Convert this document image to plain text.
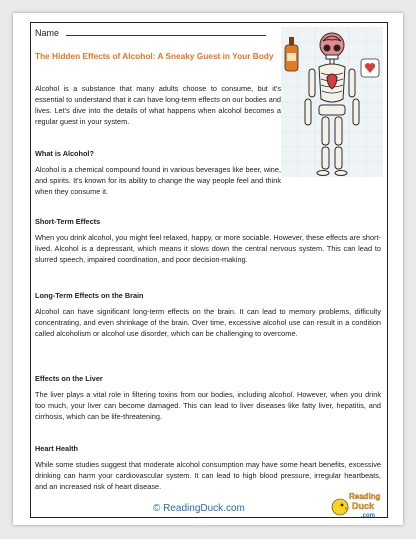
Name
The Hidden Effects of Alcohol: A Sneaky Guest in Your Body

Alcohol is a substance that many adults choose to consume, but it's essential to understand that it can have long-term effects on our bodies and lives. Let's dive into the details of what happens when alcohol becomes a regular guest in your system.

What is Alcohol?

Alcohol is a chemical compound found in various beverages like beer, wine, and spirits. It's known for its ability to change the way people feel and think when they consume it.

Short-Term Effects

When you drink alcohol, you might feel relaxed, happy, or more sociable. However, these effects are short-lived. Alcohol is a depressant, which means it slows down the central nervous system. This can lead to slurred speech, impaired coordination, and poor decision-making.

Long-Term Effects on the Brain

Alcohol can have significant long-term effects on the brain. It can lead to memory problems, difficulty concentrating, and even shrinkage of the brain. Over time, excessive alcohol use can result in a condition called alcoholism or alcohol use disorder, which can be challenging to overcome.

Effects on the Liver

The liver plays a vital role in filtering toxins from our bodies, including alcohol. However, when you drink too much, your liver can become damaged. This can lead to liver diseases like fatty liver, hepatitis, and cirrhosis, which can be life-threatening.

Heart Health

While some studies suggest that moderate alcohol consumption may have some heart benefits, excessive drinking can harm your cardiovascular system. It can lead to high blood pressure, irregular heartbeats, and an increased risk of heart disease.

© ReadingDuck.com
Reading
Duck
.com
